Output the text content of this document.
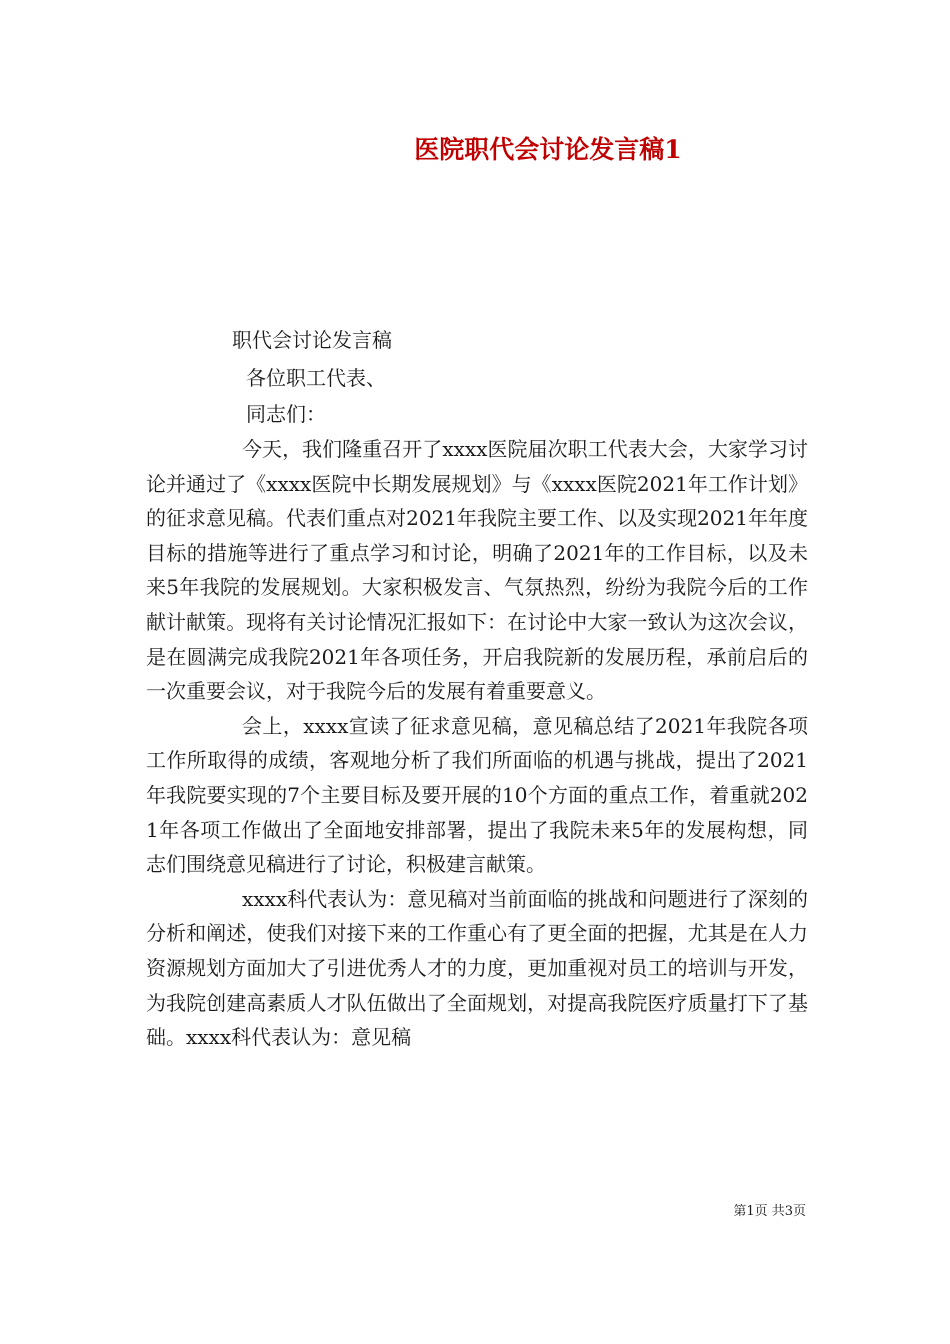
医院职代会讨论发言稿1
职代会讨论发言稿
各位职工代表、
同志们：

今天，我们隆重召开了xxxx医院届次职工代表大会，大家学习讨论并通过了《xxxx医院中长期发展规划》与《xxxx医院2021年工作计划》的征求意见稿。代表们重点对2021年我院主要工作、以及实现2021年年度目标的措施等进行了重点学习和讨论，明确了2021年的工作目标，以及未来5年我院的发展规划。大家积极发言、气氛热烈，纷纷为我院今后的工作献计献策。现将有关讨论情况汇报如下：在讨论中大家一致认为这次会议，是在圆满完成我院2021年各项任务，开启我院新的发展历程，承前启后的一次重要会议，对于我院今后的发展有着重要意义。

会上，xxxx宣读了征求意见稿，意见稿总结了2021年我院各项工作所取得的成绩，客观地分析了我们所面临的机遇与挑战，提出了2021年我院要实现的7个主要目标及要开展的10个方面的重点工作，着重就2021年各项工作做出了全面地安排部署，提出了我院未来5年的发展构想，同志们围绕意见稿进行了讨论，积极建言献策。

xxxx科代表认为：意见稿对当前面临的挑战和问题进行了深刻的分析和阐述，使我们对接下来的工作重心有了更全面的把握，尤其是在人力资源规划方面加大了引进优秀人才的力度，更加重视对员工的培训与开发，为我院创建高素质人才队伍做出了全面规划，对提高我院医疗质量打下了基础。xxxx科代表认为：意见稿

第1页 共3页
